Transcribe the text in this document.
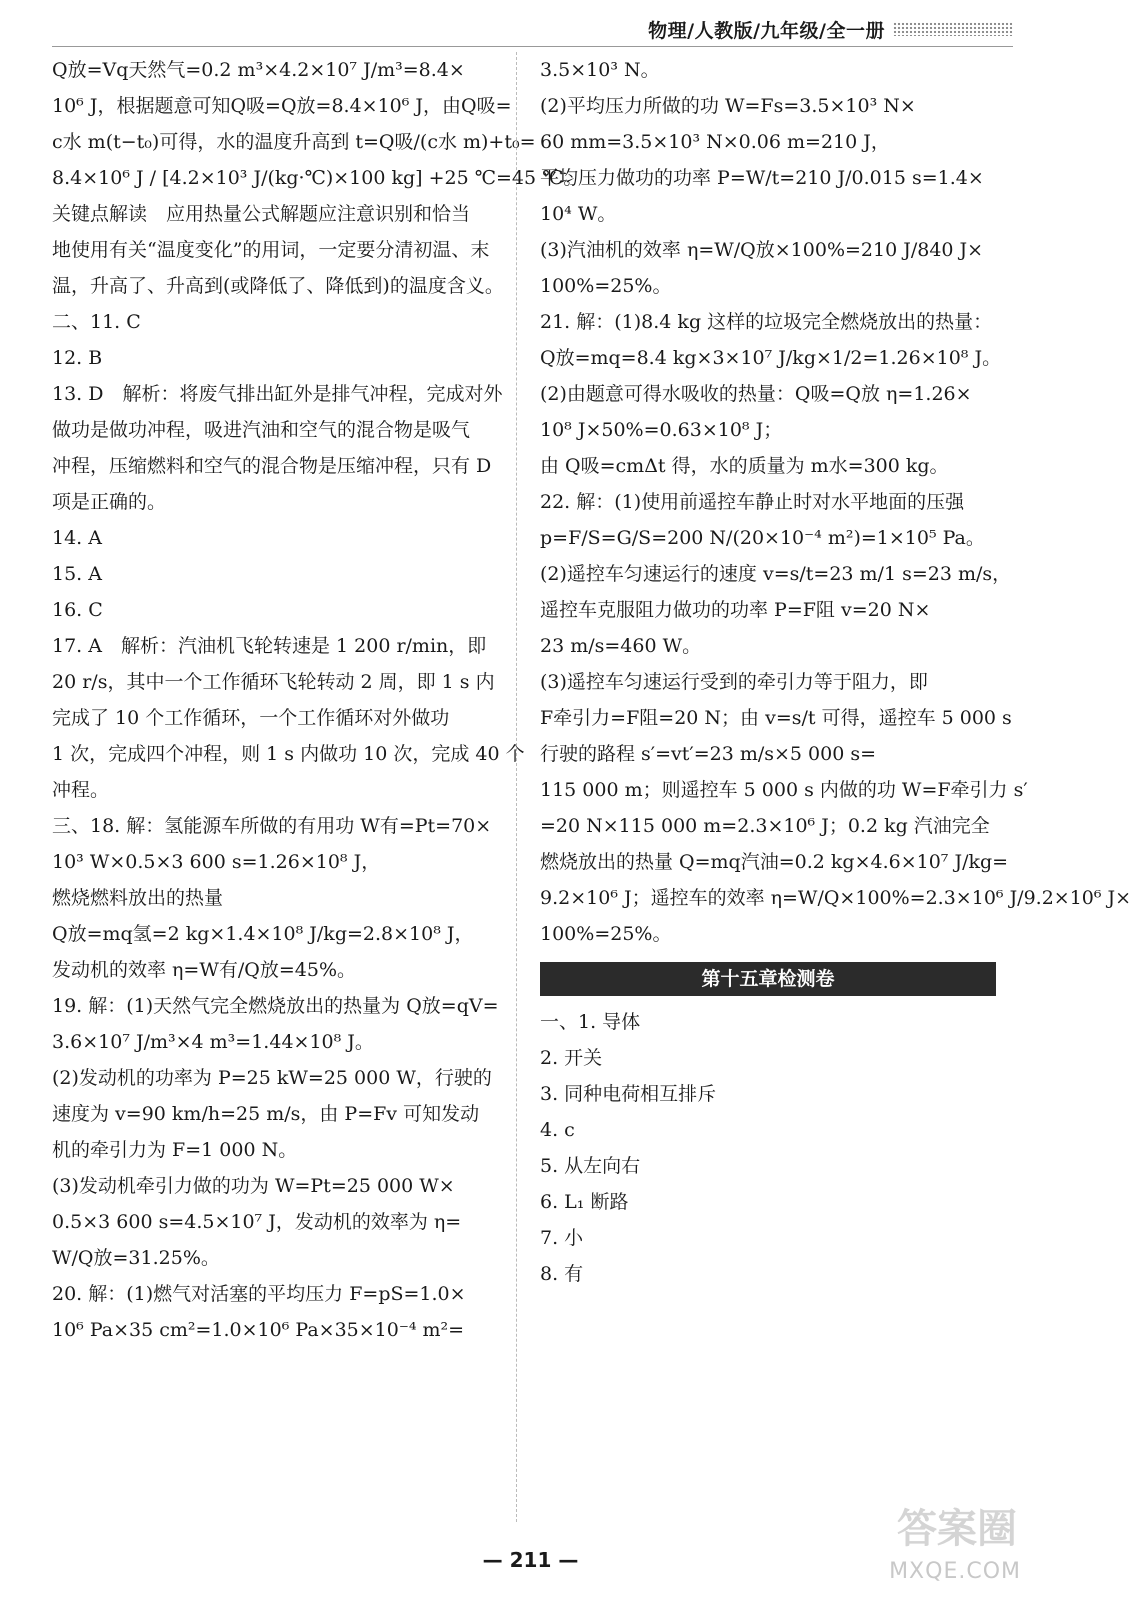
物理/人教版/九年级/全一册
Q放=Vq天然气=0.2 m³×4.2×10⁷ J/m³=8.4×
10⁶ J，根据题意可知Q吸=Q放=8.4×10⁶ J，由Q吸=
c水 m(t−t₀)可得，水的温度升高到 t=Q吸/(c水 m)+t₀=
8.4×10⁶ J / [4.2×10³ J/(kg·℃)×100 kg] +25 ℃=45 ℃。
关键点解读　应用热量公式解题应注意识别和恰当
地使用有关“温度变化”的用词，一定要分清初温、末
温，升高了、升高到(或降低了、降低到)的温度含义。
二、11. C
12. B
13. D　解析：将废气排出缸外是排气冲程，完成对外
做功是做功冲程，吸进汽油和空气的混合物是吸气
冲程，压缩燃料和空气的混合物是压缩冲程，只有 D
项是正确的。
14. A
15. A
16. C
17. A　解析：汽油机飞轮转速是 1 200 r/min，即
20 r/s，其中一个工作循环飞轮转动 2 周，即 1 s 内
完成了 10 个工作循环，一个工作循环对外做功
1 次，完成四个冲程，则 1 s 内做功 10 次，完成 40 个
冲程。
三、18. 解：氢能源车所做的有用功 W有=Pt=70×
10³ W×0.5×3 600 s=1.26×10⁸ J，
燃烧燃料放出的热量
Q放=mq氢=2 kg×1.4×10⁸ J/kg=2.8×10⁸ J，
发动机的效率 η=W有/Q放=45%。
19. 解：(1)天然气完全燃烧放出的热量为 Q放=qV=
3.6×10⁷ J/m³×4 m³=1.44×10⁸ J。
(2)发动机的功率为 P=25 kW=25 000 W，行驶的
速度为 v=90 km/h=25 m/s，由 P=Fv 可知发动
机的牵引力为 F=1 000 N。
(3)发动机牵引力做的功为 W=Pt=25 000 W×
0.5×3 600 s=4.5×10⁷ J，发动机的效率为 η=
W/Q放=31.25%。
20. 解：(1)燃气对活塞的平均压力 F=pS=1.0×
10⁶ Pa×35 cm²=1.0×10⁶ Pa×35×10⁻⁴ m²=
3.5×10³ N。
(2)平均压力所做的功 W=Fs=3.5×10³ N×
60 mm=3.5×10³ N×0.06 m=210 J，
平均压力做功的功率 P=W/t=210 J/0.015 s=1.4×
10⁴ W。
(3)汽油机的效率 η=W/Q放×100%=210 J/840 J×
100%=25%。
21. 解：(1)8.4 kg 这样的垃圾完全燃烧放出的热量：
Q放=mq=8.4 kg×3×10⁷ J/kg×1/2=1.26×10⁸ J。
(2)由题意可得水吸收的热量：Q吸=Q放 η=1.26×
10⁸ J×50%=0.63×10⁸ J；
由 Q吸=cmΔt 得，水的质量为 m水=300 kg。
22. 解：(1)使用前遥控车静止时对水平地面的压强
p=F/S=G/S=200 N/(20×10⁻⁴ m²)=1×10⁵ Pa。
(2)遥控车匀速运行的速度 v=s/t=23 m/1 s=23 m/s，
遥控车克服阻力做功的功率 P=F阻 v=20 N×
23 m/s=460 W。
(3)遥控车匀速运行受到的牵引力等于阻力，即
F牵引力=F阻=20 N；由 v=s/t 可得，遥控车 5 000 s
行驶的路程 s′=vt′=23 m/s×5 000 s=
115 000 m；则遥控车 5 000 s 内做的功 W=F牵引力 s′
=20 N×115 000 m=2.3×10⁶ J；0.2 kg 汽油完全
燃烧放出的热量 Q=mq汽油=0.2 kg×4.6×10⁷ J/kg=
9.2×10⁶ J；遥控车的效率 η=W/Q×100%=2.3×10⁶ J/9.2×10⁶ J×
100%=25%。
第十五章检测卷
一、1. 导体
2. 开关
3. 同种电荷相互排斥
4. c
5. 从左向右
6. L₁ 断路
7. 小
8. 有
答案圈
MXQE.COM
— 211 —
